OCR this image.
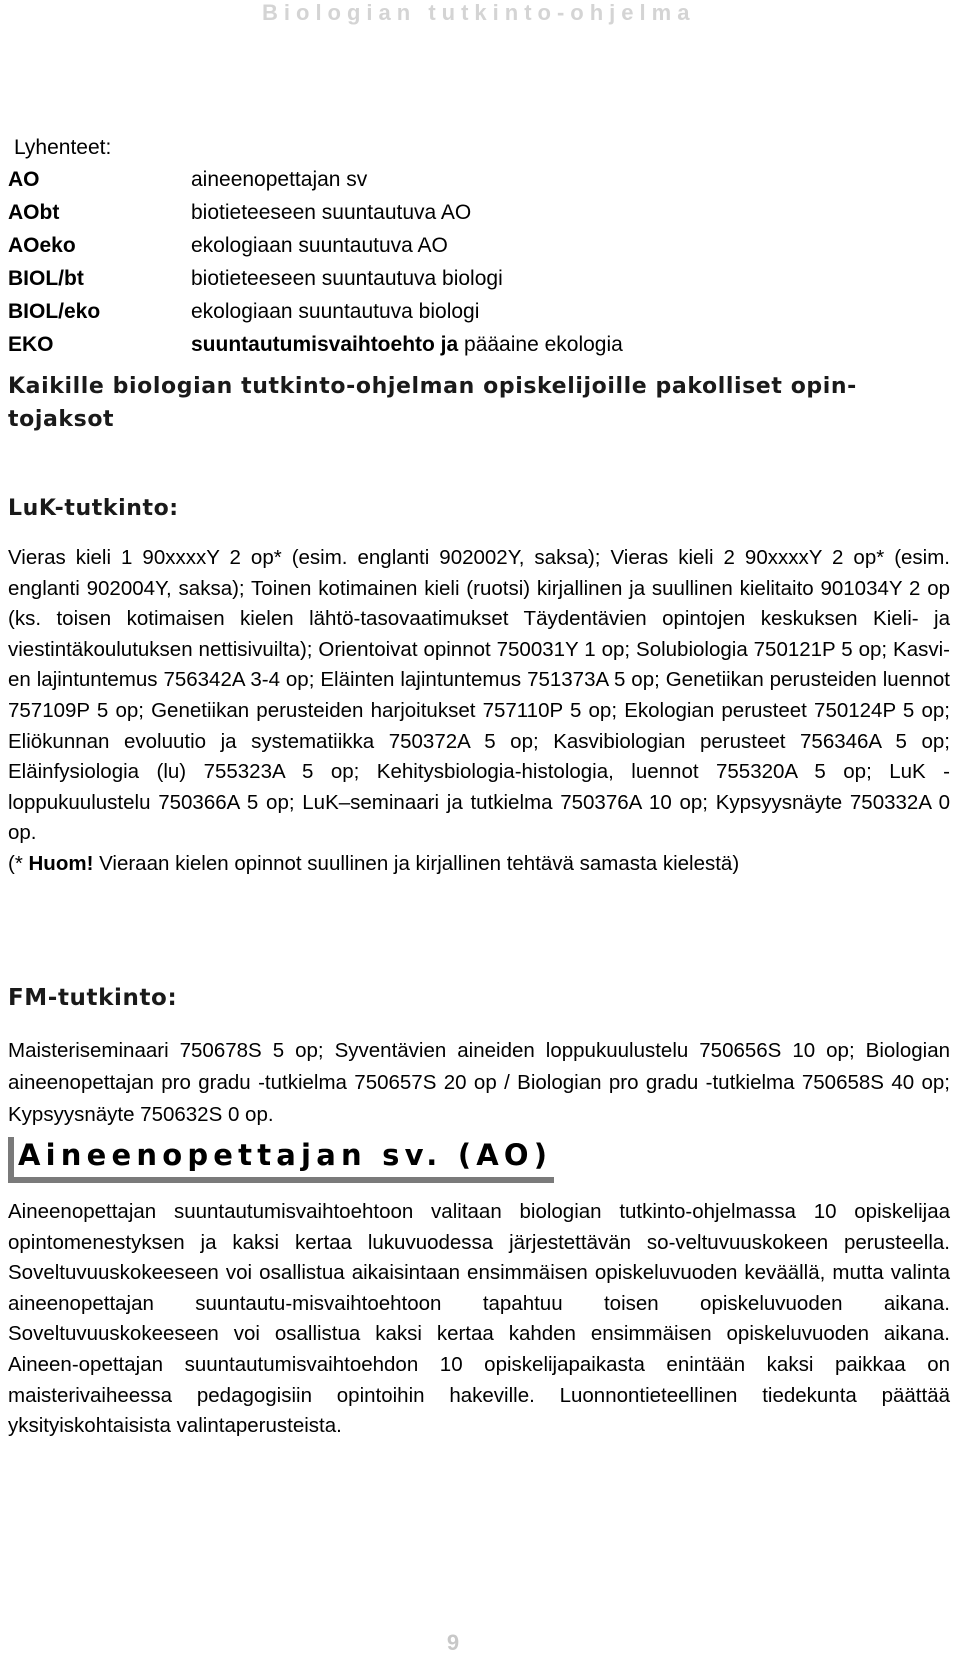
Biologian tutkinto-ohjelma
Lyhenteet:
AO	aineenopettajan sv
AObt	biotieteeseen suuntautuva AO
AOeko	ekologiaan suuntautuva AO
BIOL/bt	biotieteeseen suuntautuva biologi
BIOL/eko	ekologiaan suuntautuva biologi
EKO	suuntautumisvaihtoehto ja pääaine ekologia
Kaikille biologian tutkinto-ohjelman opiskelijoille pakolliset opin-
tojaksot
LuK-tutkinto:
Vieras kieli 1 90xxxxY 2 op* (esim. englanti 902002Y, saksa); Vieras kieli 2 90xxxxY 2 op* (esim. englanti 902004Y, saksa); Toinen kotimainen kieli (ruotsi) kirjallinen ja suullinen kielitaito 901034Y 2 op (ks. toisen kotimaisen kielen lähtö-tasovaatimukset Täydentävien opintojen keskuksen Kieli- ja viestintäkoulutuksen nettisivuilta); Orientoivat opinnot 750031Y 1 op; Solubiologia 750121P 5 op; Kasvi-en lajintuntemus 756342A 3-4 op; Eläinten lajintuntemus 751373A 5 op; Genetiikan perusteiden luennot 757109P 5 op; Genetiikan perusteiden harjoitukset 757110P 5 op; Ekologian perusteet 750124P 5 op; Eliökunnan evoluutio ja systematiikka 750372A 5 op; Kasvibiologian perusteet 756346A 5 op; Eläinfysiologia (lu) 755323A 5 op; Kehitysbiologia-histologia, luennot 755320A 5 op; LuK -loppukuulustelu 750366A 5 op; LuK–seminaari ja tutkielma 750376A 10 op; Kypsyysnäyte 750332A 0 op.
(* Huom! Vieraan kielen opinnot suullinen ja kirjallinen tehtävä samasta kielestä)
FM-tutkinto:
Maisteriseminaari 750678S 5 op; Syventävien aineiden loppukuulustelu 750656S 10 op; Biologian aineenopettajan pro gradu -tutkielma 750657S 20 op / Biologian pro gradu -tutkielma 750658S 40 op; Kypsyysnäyte 750632S 0 op.
Aineenopettajan sv. (AO)
Aineenopettajan suuntautumisvaihtoehtoon valitaan biologian tutkinto-ohjelmassa 10 opiskelijaa opintomenestyksen ja kaksi kertaa lukuvuodessa järjestettävän so-veltuvuuskokeen perusteella. Soveltuvuuskokeeseen voi osallistua aikaisintaan ensimmäisen opiskeluvuoden keväällä, mutta valinta aineenopettajan suuntautu-misvaihtoehtoon tapahtuu toisen opiskeluvuoden aikana. Soveltuvuuskokeeseen voi osallistua kaksi kertaa kahden ensimmäisen opiskeluvuoden aikana. Aineen-opettajan suuntautumisvaihtoehdon 10 opiskelijapaikasta enintään kaksi paikkaa on maisterivaiheessa pedagogisiin opintoihin hakeville. Luonnontieteellinen tiedekunta päättää yksityiskohtaisista valintaperusteista.
9
